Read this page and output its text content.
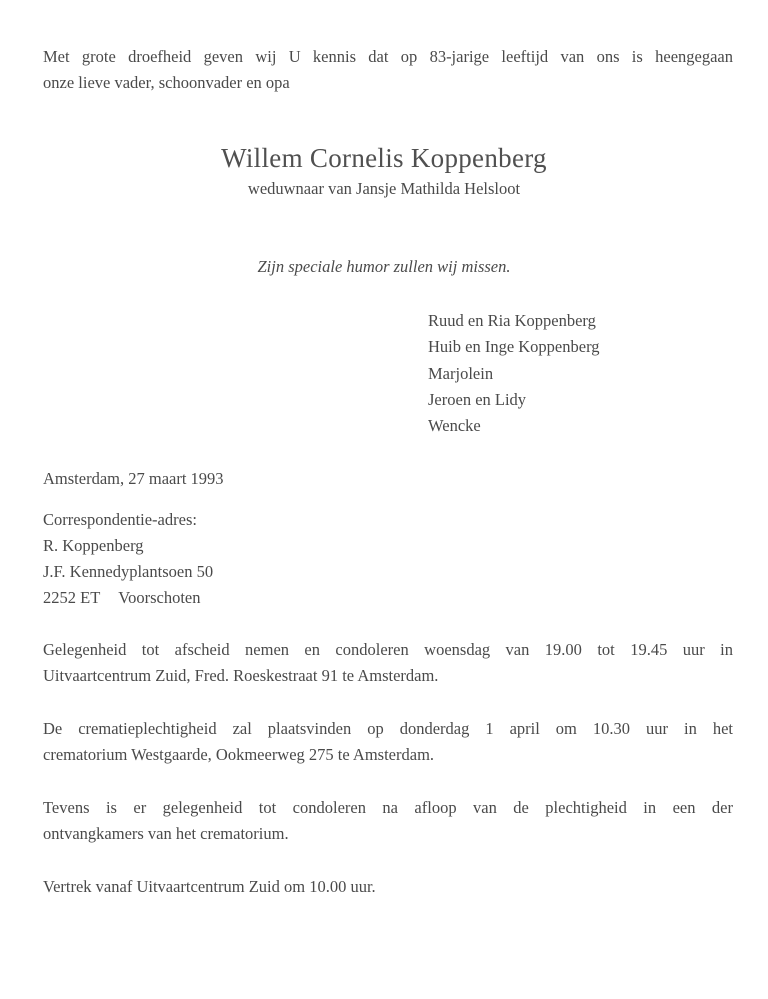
Met grote droefheid geven wij U kennis dat op 83-jarige leeftijd van ons is heengegaan
onze lieve vader, schoonvader en opa
Willem Cornelis Koppenberg
weduwnaar van Jansje Mathilda Helsloot
Zijn speciale humor zullen wij missen.
Ruud en Ria Koppenberg
Huib en Inge Koppenberg
Marjolein
Jeroen en Lidy
Wencke
Amsterdam, 27 maart 1993
Correspondentie-adres:
R. Koppenberg
J.F. Kennedyplantsoen 50
2252 ET Voorschoten
Gelegenheid tot afscheid nemen en condoleren woensdag van 19.00 tot 19.45 uur in
Uitvaartcentrum Zuid, Fred. Roeskestraat 91 te Amsterdam.
De crematieplechtigheid zal plaatsvinden op donderdag 1 april om 10.30 uur in het
crematorium Westgaarde, Ookmeerweg 275 te Amsterdam.
Tevens is er gelegenheid tot condoleren na afloop van de plechtigheid in een der
ontvangkamers van het crematorium.
Vertrek vanaf Uitvaartcentrum Zuid om 10.00 uur.
